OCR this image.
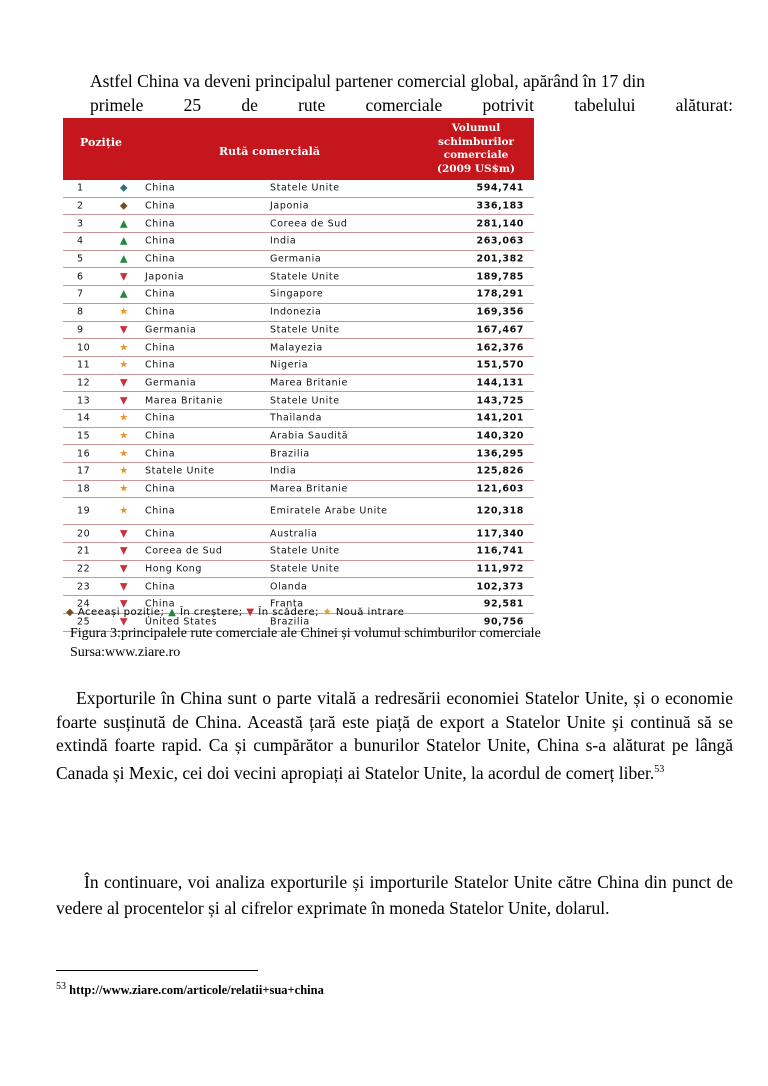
Astfel China va deveni principalul partener comercial global, apărând în 17 din
primele	25	de	rute	comerciale	potrivit	tabelului	alăturat:
Poziție
Rută comercială
Volumul
schimburilor
comerciale
(2009 US$m)
1	◆	China	Statele Unite	594,741
2	◆	China	Japonia	336,183
3	▲	China	Coreea de Sud	281,140
4	▲	China	India	263,063
5	▲	China	Germania	201,382
6	▼	Japonia	Statele Unite	189,785
7	▲	China	Singapore	178,291
8	★ China	Indonezia	169,356
9	▼	Germania	Statele Unite	167,467
10	★ China	Malayezia	162,376
11	★ China	Nigeria	151,570
12	▼	Germania	Marea Britanie	144,131
13	▼	Marea Britanie	Statele Unite	143,725
14	★ China	Thailanda	141,201
15	★ China	Arabia Saudită	140,320
16	★ China	Brazilia	136,295
17	★ Statele Unite	India	125,826
18	★ China	Marea Britanie	121,603
19	★ China	Emiratele Arabe Unite	120,318
20	▼	China	Australia	117,340
21	▼	Coreea de Sud	Statele Unite	116,741
22	▼	Hong Kong	Statele Unite	111,972
23	▼	China	Olanda	102,373
24	▼	China	Franța	92,581
25	▼	United States	Brazilia	90,756
◆ Aceeași poziție; ▲ În creștere; ▼ În scădere; ★ Nouă intrare
Figura 3:principalele rute comerciale ale Chinei și volumul schimburilor comerciale
Sursa:www.ziare.ro
Exporturile în China sunt o parte vitală a redresării economiei Statelor Unite, și o economie foarte susținută de China. Această țară este piață de export a Statelor Unite și continuă să se extindă foarte rapid. Ca și cumpărător a bunurilor Statelor Unite, China s-a alăturat pe lângă Canada și Mexic, cei doi vecini apropiați ai Statelor Unite, la acordul de comerț liber.$^{53}$
În continuare, voi analiza exporturile și importurile Statelor Unite către China din punct de vedere al procentelor și al cifrelor exprimate în moneda Statelor Unite, dolarul.
$^{53}$ http://www.ziare.com/articole/relatii+sua+china
